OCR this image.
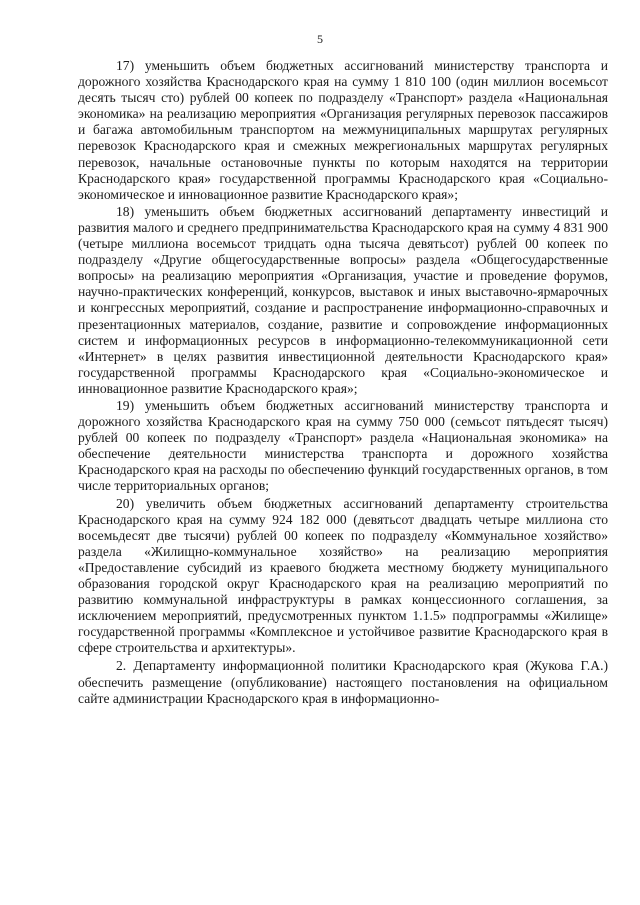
5

17) уменьшить объем бюджетных ассигнований министерству транспорта и дорожного хозяйства Краснодарского края на сумму 1 810 100 (один миллион восемьсот десять тысяч сто) рублей 00 копеек по подразделу «Транспорт» раздела «Национальная экономика» на реализацию мероприятия «Организация регулярных перевозок пассажиров и багажа автомобильным транспортом на межмуниципальных маршрутах регулярных перевозок Краснодарского края и смежных межрегиональных маршрутах регулярных перевозок, начальные остановочные пункты по которым находятся на территории Краснодарского края» государственной программы Краснодарского края «Социально-экономическое и инновационное развитие Краснодарского края»;

18) уменьшить объем бюджетных ассигнований департаменту инвестиций и развития малого и среднего предпринимательства Краснодарского края на сумму 4 831 900 (четыре миллиона восемьсот тридцать одна тысяча девятьсот) рублей 00 копеек по подразделу «Другие общегосударственные вопросы» раздела «Общегосударственные вопросы» на реализацию мероприятия «Организация, участие и проведение форумов, научно-практических конференций, конкурсов, выставок и иных выставочно-ярмарочных и конгрессных мероприятий, создание и распространение информационно-справочных и презентационных материалов, создание, развитие и сопровождение информационных систем и информационных ресурсов в информационно-телекоммуникационной сети «Интернет» в целях развития инвестиционной деятельности Краснодарского края» государственной программы Краснодарского края «Социально-экономическое и инновационное развитие Краснодарского края»;

19) уменьшить объем бюджетных ассигнований министерству транспорта и дорожного хозяйства Краснодарского края на сумму 750 000 (семьсот пятьдесят тысяч) рублей 00 копеек по подразделу «Транспорт» раздела «Национальная экономика» на обеспечение деятельности министерства транспорта и дорожного хозяйства Краснодарского края на расходы по обеспечению функций государственных органов, в том числе территориальных органов;

20) увеличить объем бюджетных ассигнований департаменту строительства Краснодарского края на сумму 924 182 000 (девятьсот двадцать четыре миллиона сто восемьдесят две тысячи) рублей 00 копеек по подразделу «Коммунальное хозяйство» раздела «Жилищно-коммунальное хозяйство» на реализацию мероприятия «Предоставление субсидий из краевого бюджета местному бюджету муниципального образования городской округ Краснодарского края на реализацию мероприятий по развитию коммунальной инфраструктуры в рамках концессионного соглашения, за исключением мероприятий, предусмотренных пунктом 1.1.5» подпрограммы «Жилище» государственной программы «Комплексное и устойчивое развитие Краснодарского края в сфере строительства и архитектуры».

2. Департаменту информационной политики Краснодарского края (Жукова Г.А.) обеспечить размещение (опубликование) настоящего постановления на официальном сайте администрации Краснодарского края в информационно-
